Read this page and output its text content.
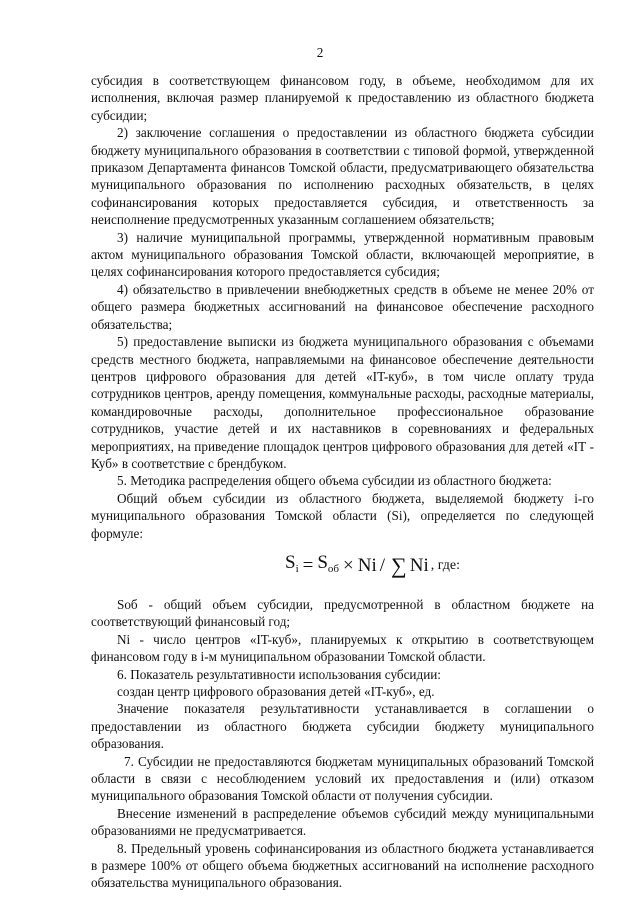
2

субсидия в соответствующем финансовом году, в объеме, необходимом для их исполнения, включая размер планируемой к предоставлению из областного бюджета субсидии;

2) заключение соглашения о предоставлении из областного бюджета субсидии бюджету муниципального образования в соответствии с типовой формой, утвержденной приказом Департамента финансов Томской области, предусматривающего обязательства муниципального образования по исполнению расходных обязательств, в целях софинансирования которых предоставляется субсидия, и ответственность за неисполнение предусмотренных указанным соглашением обязательств;

3) наличие муниципальной программы, утвержденной нормативным правовым актом муниципального образования Томской области, включающей мероприятие, в целях софинансирования которого предоставляется субсидия;

4) обязательство в привлечении внебюджетных средств в объеме не менее 20% от общего размера бюджетных ассигнований на финансовое обеспечение расходного обязательства;

5) предоставление выписки из бюджета муниципального образования с объемами средств местного бюджета, направляемыми на финансовое обеспечение деятельности центров цифрового образования для детей «IT-куб», в том числе оплату труда сотрудников центров, аренду помещения, коммунальные расходы, расходные материалы, командировочные расходы, дополнительное профессиональное образование сотрудников, участие детей и их наставников в соревнованиях и федеральных мероприятиях, на приведение площадок центров цифрового образования для детей «IT - Куб» в соответствие с брендбуком.

5. Методика распределения общего объема субсидии из областного бюджета:

Общий объем субсидии из областного бюджета, выделяемой бюджету i-го муниципального образования Томской области (Si), определяется по следующей формуле:

$S_i = S_{об} \times Ni$ / ∑ Ni , где:

Sоб - общий объем субсидии, предусмотренной в областном бюджете на соответствующий финансовый год;

Ni - число центров «IT-куб», планируемых к открытию в соответствующем финансовом году в i-м муниципальном образовании Томской области.

6. Показатель результативности использования субсидии:

создан центр цифрового образования детей «IT-куб», ед.

Значение показателя результативности устанавливается в соглашении о предоставлении из областного бюджета субсидии бюджету муниципального образования.

7. Субсидии не предоставляются бюджетам муниципальных образований Томской области в связи с несоблюдением условий их предоставления и (или) отказом муниципального образования Томской области от получения субсидии.

Внесение изменений в распределение объемов субсидий между муниципальными образованиями не предусматривается.

8. Предельный уровень софинансирования из областного бюджета устанавливается в размере 100% от общего объема бюджетных ассигнований на исполнение расходного обязательства муниципального образования.
